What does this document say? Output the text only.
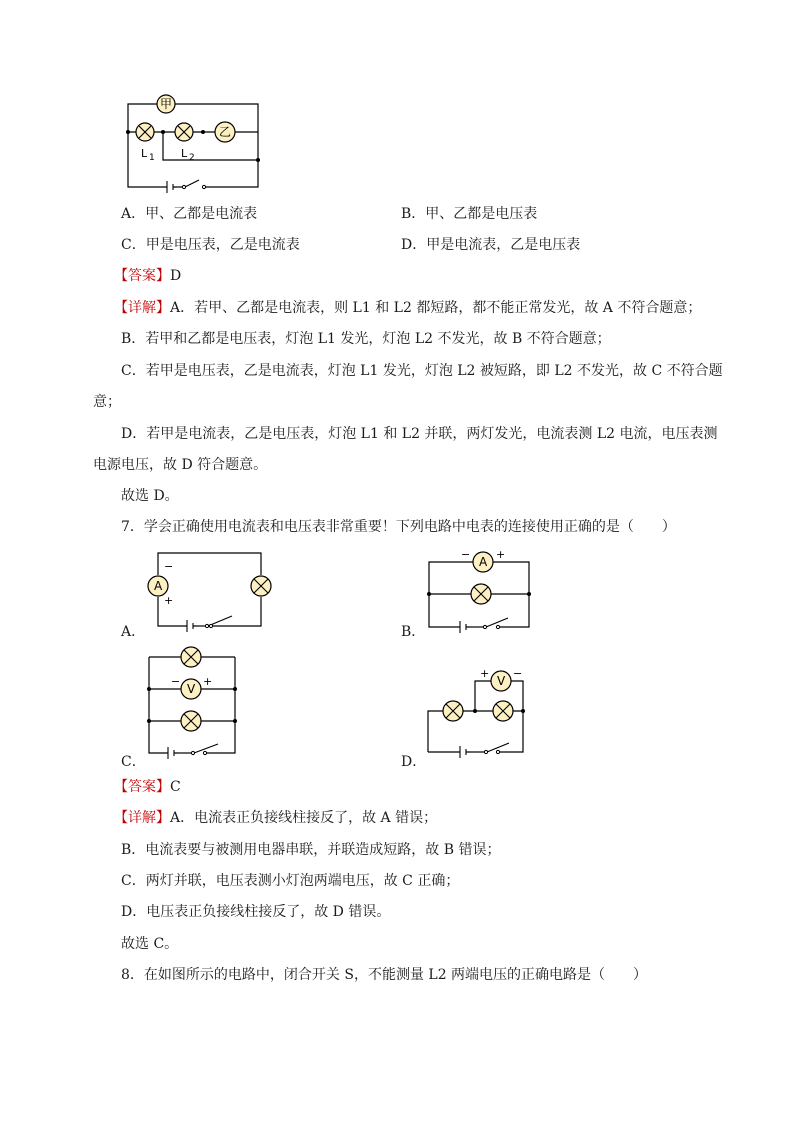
甲
乙
L 1 L 2
A．甲、乙都是电流表	B．甲、乙都是电压表
C．甲是电压表，乙是电流表	D．甲是电流表，乙是电压表
【答案】D
【详解】A．若甲、乙都是电流表，则 L1 和 L2 都短路，都不能正常发光，故 A 不符合题意；
B．若甲和乙都是电压表，灯泡 L1 发光，灯泡 L2 不发光，故 B 不符合题意；
C．若甲是电压表，乙是电流表，灯泡 L1 发光，灯泡 L2 被短路，即 L2 不发光，故 C 不符合题
意；
D．若甲是电流表，乙是电压表，灯泡 L1 和 L2 并联，两灯发光，电流表测 L2 电流，电压表测
电源电压，故 D 符合题意。
故选 D。
7．学会正确使用电流表和电压表非常重要！下列电路中电表的连接使用正确的是（　　）
A
−
+
A
− +
V
− +	V
+ −
A．	B．
C．	D．
【答案】C
【详解】A．电流表正负接线柱接反了，故 A 错误；
B．电流表要与被测用电器串联，并联造成短路，故 B 错误；
C．两灯并联，电压表测小灯泡两端电压，故 C 正确；
D．电压表正负接线柱接反了，故 D 错误。
故选 C。
8．在如图所示的电路中，闭合开关 S，不能测量 L2 两端电压的正确电路是（　　）
